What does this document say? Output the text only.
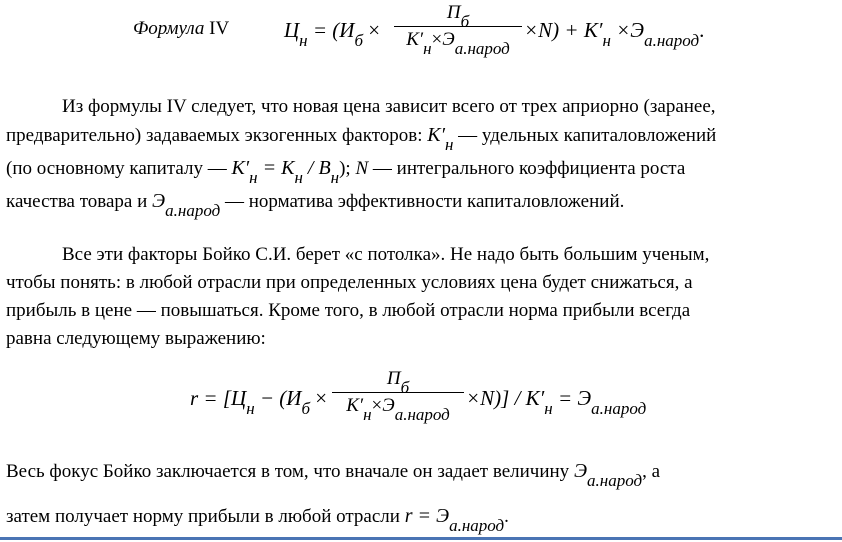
Формула IV	$Ц_н = (И_б$ ×
Пб
K′н×Эа.народ
$\times N) + K'_н \times Э_{а.народ}$.
Из формулы IV следует, что новая цена зависит всего от трех априорно (заранее,
предварительно) задаваемых экзогенных факторов: $K'_н$ — удельных капиталовложений
(по основному капиталу — $K'_н = K_н / B_н$); N — интегрального коэффициента роста
качества товара и $Э_{а.народ}$ — норматива эффективности капиталовложений.
Все эти факторы Бойко С.И. берет «с потолка». Не надо быть большим ученым,
чтобы понять: в любой отрасли при определенных условиях цена будет снижаться, а
прибыль в цене — повышаться. Кроме того, в любой отрасли норма прибыли всегда
равна следующему выражению:
$r = [Ц_н - (И_б$ ×
Пб
K′н×Эа.народ
$\times N)] / K'_н = Э_{а.народ}$
Весь фокус Бойко заключается в том, что вначале он задает величину $Э_{а.народ}$, а
затем получает норму прибыли в любой отрасли $r = Э_{а.народ}$.
